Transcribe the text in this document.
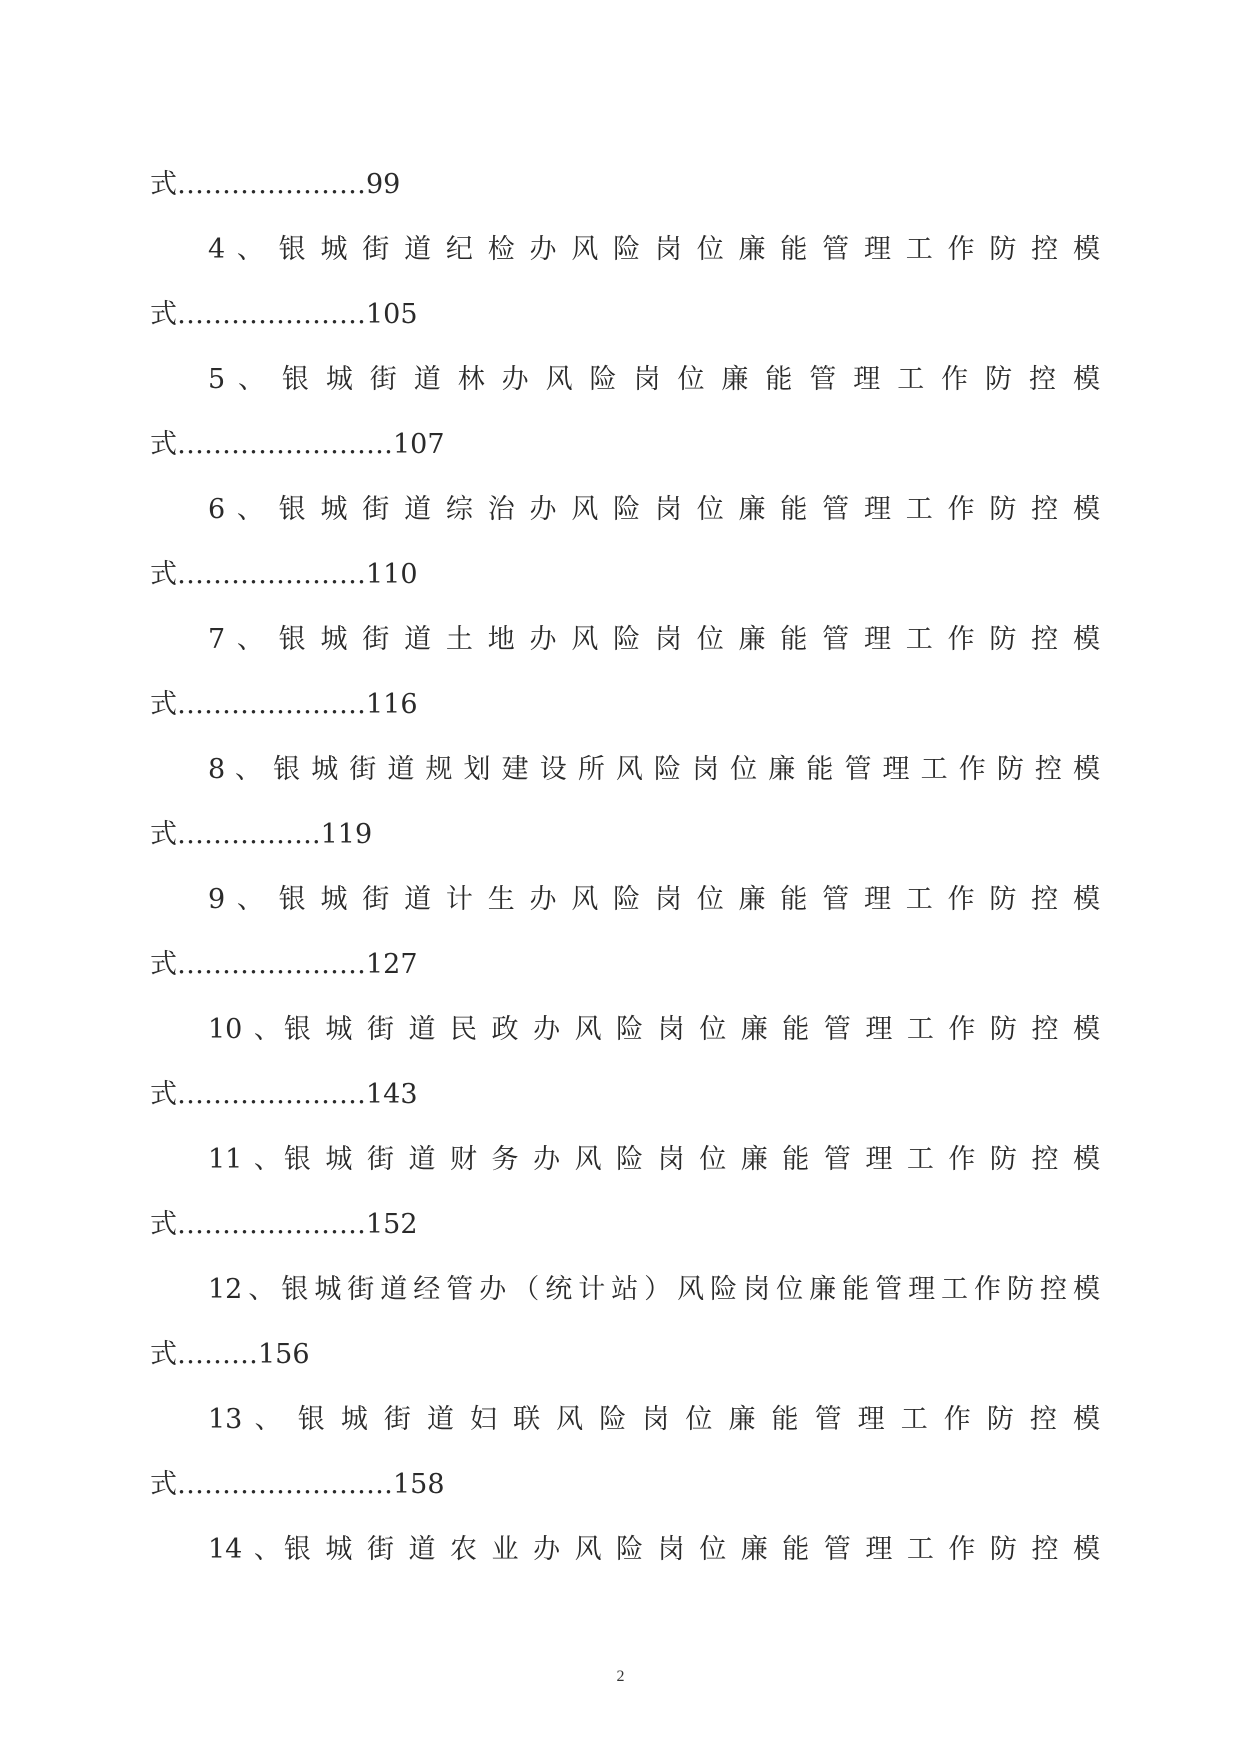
式…………………99
4 、 银 城 街 道 纪 检 办 风 险 岗 位 廉 能 管 理 工 作 防 控 模
式…………………105
5 、 银 城 街 道 林 办 风 险 岗 位 廉 能 管 理 工 作 防 控 模
式……………………107
6 、 银 城 街 道 综 治 办 风 险 岗 位 廉 能 管 理 工 作 防 控 模
式…………………110
7 、 银 城 街 道 土 地 办 风 险 岗 位 廉 能 管 理 工 作 防 控 模
式…………………116
8 、 银 城 街 道 规 划 建 设 所 风 险 岗 位 廉 能 管 理 工 作 防 控 模
式…………….119
9 、 银 城 街 道 计 生 办 风 险 岗 位 廉 能 管 理 工 作 防 控 模
式…………………127
10 、银 城 街 道 民 政 办 风 险 岗 位 廉 能 管 理 工 作 防 控 模
式…………………143
11 、银 城 街 道 财 务 办 风 险 岗 位 廉 能 管 理 工 作 防 控 模
式…………………152
12、银城街道经管办（统计站）风险岗位廉能管理工作防控模
式………156
13 、 银 城 街 道 妇 联 风 险 岗 位 廉 能 管 理 工 作 防 控 模
式……………………158
14 、银 城 街 道 农 业 办 风 险 岗 位 廉 能 管 理 工 作 防 控 模
2
